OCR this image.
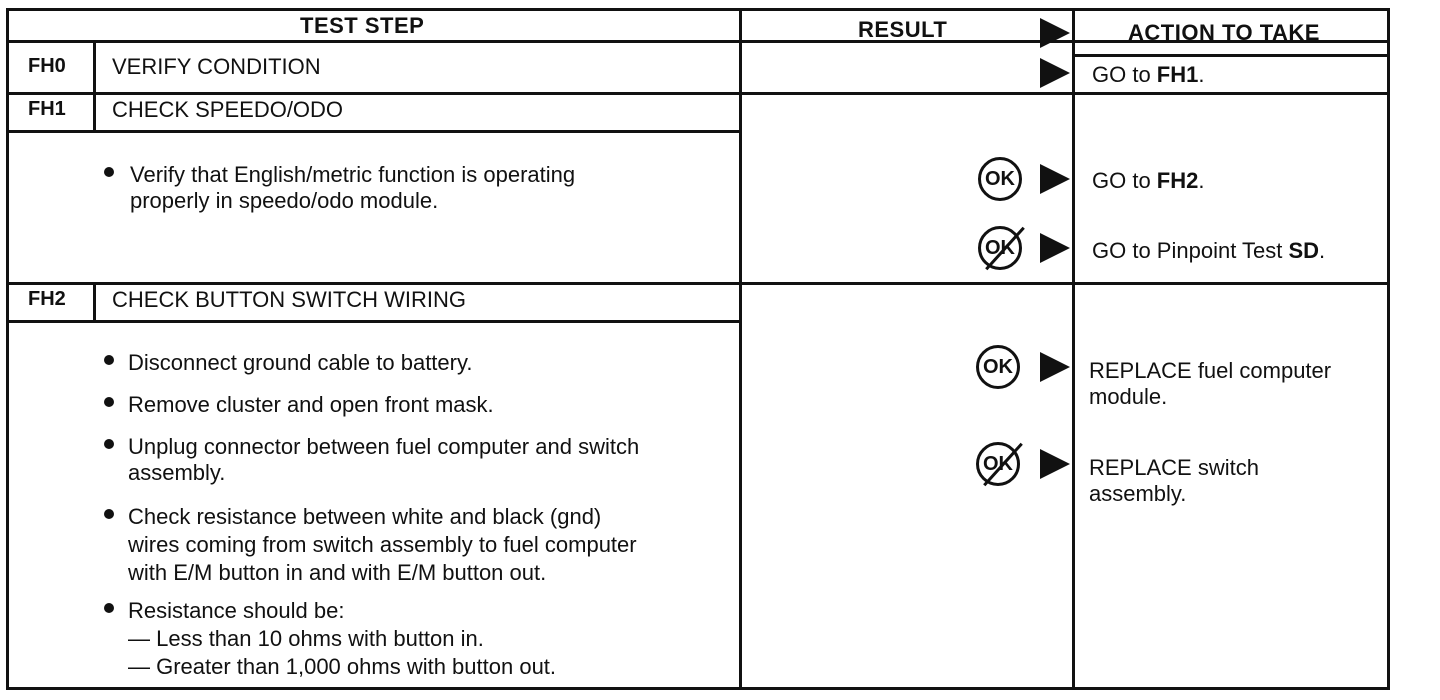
TEST STEP	RESULT	ACTION TO TAKE
FH0 VERIFY CONDITION	GO to FH1.
FH1 CHECK SPEEDO/ODO
Verify that English/metric function is operating
properly in speedo/odo module.
OK	GO to FH2.
OK	GO to Pinpoint Test SD.
FH2 CHECK BUTTON SWITCH WIRING
Disconnect ground cable to battery.
Remove cluster and open front mask.
Unplug connector between fuel computer and switch
assembly.
Check resistance between white and black (gnd)
wires coming from switch assembly to fuel computer
with E/M button in and with E/M button out.
Resistance should be:
— Less than 10 ohms with button in.
— Greater than 1,000 ohms with button out.
OK	REPLACE fuel computer
module.
OK	REPLACE switch
assembly.
